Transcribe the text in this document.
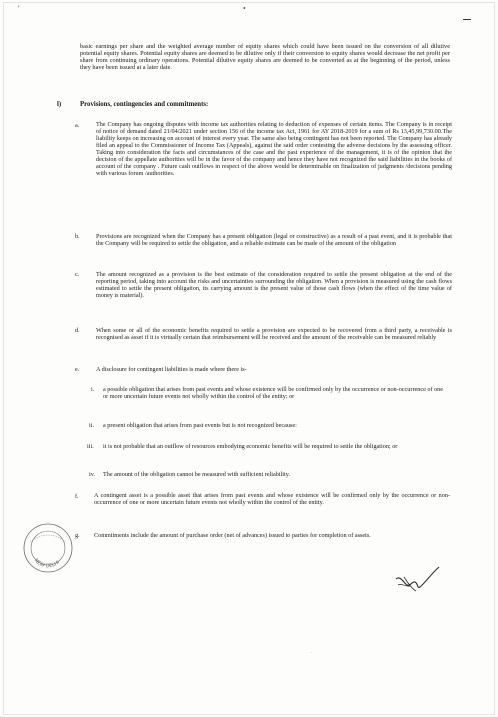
'	•

basic earnings per share and the weighted average number of equity shares which could have been issued on the conversion of all dilutive potential equity shares. Potential equity shares are deemed to be dilutive only if their conversion to equity shares would decrease the net profit per share from continuing ordinary operations. Potential dilutive equity shares are deemed to be converted as at the beginning of the period, unless they have been issued at a later date.

l)	Provisions, contingencies and commitments:
a.	The Company has ongoing disputes with income tax authorities relating to deduction of expenses of certain items. The Company is in receipt of notice of demand dated 21/04/2021 under section 156 of the income tax Act, 1961 for AY 2018-2019 for a sum of Rs 13,45,99,730.00.The liability keeps on increasing on account of interest every year. The same also being contingent has not been reported. The Company has already filed an appeal to the Commissioner of Income Tax (Appeals), against the said order contesting the adverse decisions by the assessing officer. Taking into consideration the facts and circumstances of the case and the past experience of the management, it is of the opinion that the decision of the appellate authorities will be in the favor of the company and hence they have not recognized the said liabilities in the books of account of the company . Future cash outflows in respect of the above would be determinable on finalization of judgments /decisions pending with various forum /authorities.

b.	Provisions are recognized when the Company has a present obligation (legal or constructive) as a result of a past event, and it is probable that the Company will be required to settle the obligation, and a reliable estimate can be made of the amount of the obligation

c.	The amount recognized as a provision is the best estimate of the consideration required to settle the present obligation at the end of the reporting period, taking into account the risks and uncertainties surrounding the obligation. When a provision is measured using the cash flows estimated to settle the present obligation, its carrying amount is the present value of those cash flows (when the effect of the time value of money is material).

d.	When some or all of the economic benefits required to settle a provision are expected to be recovered from a third party, a receivable is recognised as asset if it is virtually certain that reimbursement will be received and the amount of the receivable can be measured reliably

e.	A disclosure for contingent liabilities is made where there is-

i. a possible obligation that arises from past events and whose existence will be confirmed only by the occurrence or non-occurrence of one or more uncertain future events not wholly within the control of the entity; or

ii. a present obligation that arises from past events but is not recognized because:

iii. it is not probable that an outflow of resources embodying economic benefits will be required to settle the obligation; or

iv. The amount of the obligation cannot be measured with sufficient reliability.

f. A contingent asset is a possible asset that arises from past events and whose existence will be confirmed only by the occurrence or non-occurrence of one or more uncertain future events not wholly within the control of the entity.

g. Commitments include the amount of purchase order (net of advances) issued to parties for completion of assets.

NEW DELHI
·
